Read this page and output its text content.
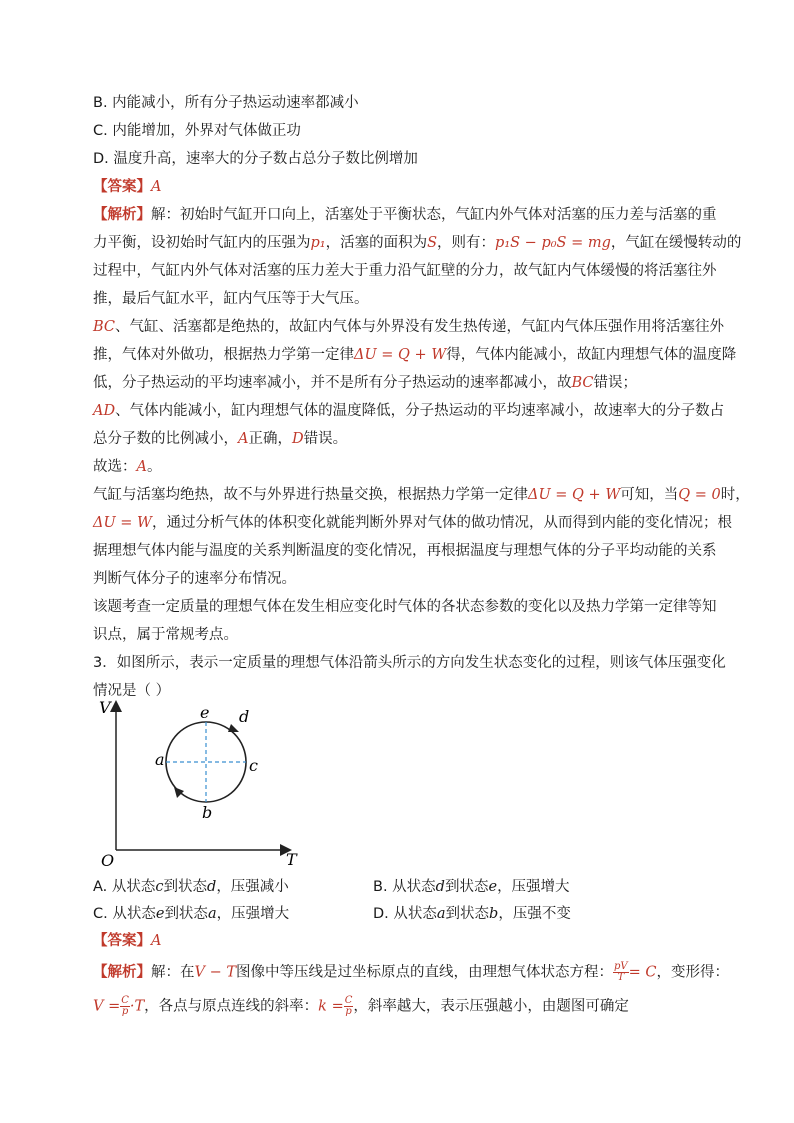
B. 内能减小，所有分子热运动速率都减小
C. 内能增加，外界对气体做正功
D. 温度升高，速率大的分子数占总分子数比例增加
【答案】A
【解析】解：初始时气缸开口向上，活塞处于平衡状态，气缸内外气体对活塞的压力差与活塞的重
力平衡，设初始时气缸内的压强为p₁，活塞的面积为S，则有：p₁S − p₀S = mg，气缸在缓慢转动的
过程中，气缸内外气体对活塞的压力差大于重力沿气缸壁的分力，故气缸内气体缓慢的将活塞往外
推，最后气缸水平，缸内气压等于大气压。
BC、气缸、活塞都是绝热的，故缸内气体与外界没有发生热传递，气缸内气体压强作用将活塞往外
推，气体对外做功，根据热力学第一定律ΔU = Q + W得，气体内能减小，故缸内理想气体的温度降
低，分子热运动的平均速率减小，并不是所有分子热运动的速率都减小，故BC错误；
AD、气体内能减小，缸内理想气体的温度降低，分子热运动的平均速率减小，故速率大的分子数占
总分子数的比例减小，A正确，D错误。
故选：A。
气缸与活塞均绝热，故不与外界进行热量交换，根据热力学第一定律ΔU = Q + W可知，当Q = 0时，
ΔU = W，通过分析气体的体积变化就能判断外界对气体的做功情况，从而得到内能的变化情况；根
据理想气体内能与温度的关系判断温度的变化情况，再根据温度与理想气体的分子平均动能的关系
判断气体分子的速率分布情况。
该题考查一定质量的理想气体在发生相应变化时气体的各状态参数的变化以及热力学第一定律等知
识点，属于常规考点。
3．如图所示，表示一定质量的理想气体沿箭头所示的方向发生状态变化的过程，则该气体压强变化
情况是（ ）
V
T
O
e d
a	c
b
A. 从状态c到状态d，压强减小	B. 从状态d到状态e，压强增大
C. 从状态e到状态a，压强增大	D. 从状态a到状态b，压强不变
【答案】A
【解析】解：在V − T图像中等压线是过坐标原点的直线，由理想气体状态方程： $\frac{pV}{T} = C$，变形得：
$V = \frac{C}{p} \cdot T$，各点与原点连线的斜率：$k = \frac{C}{p}$ ，斜率越大，表示压强越小，由题图可确定
